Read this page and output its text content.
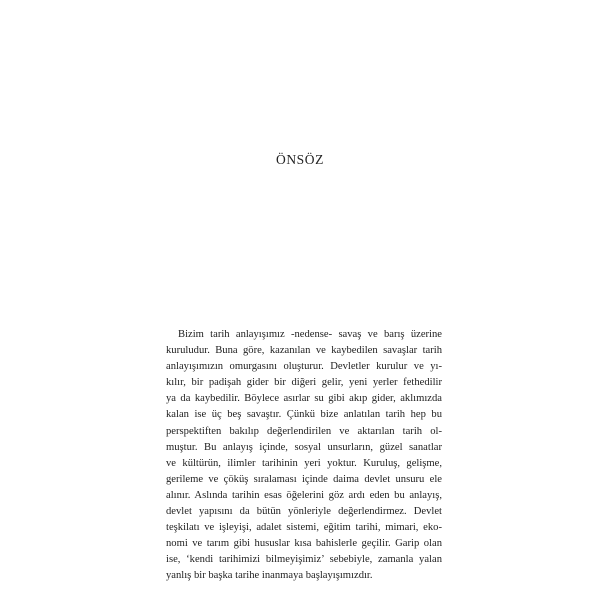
ÖNSÖZ
Bizim tarih anlayışımız -nedense- savaş ve barış üzerine
kuruludur. Buna göre, kazanılan ve kaybedilen savaşlar tarih
anlayışımızın omurgasını oluşturur. Devletler kurulur ve yı-
kılır, bir padişah gider bir diğeri gelir, yeni yerler fethedilir
ya da kaybedilir. Böylece asırlar su gibi akıp gider, aklımızda
kalan ise üç beş savaştır. Çünkü bize anlatılan tarih hep bu
perspektiften bakılıp değerlendirilen ve aktarılan tarih ol-
muştur. Bu anlayış içinde, sosyal unsurların, güzel sanatlar
ve kültürün, ilimler tarihinin yeri yoktur. Kuruluş, gelişme,
gerileme ve çöküş sıralaması içinde daima devlet unsuru ele
alınır. Aslında tarihin esas öğelerini göz ardı eden bu anlayış,
devlet yapısını da bütün yönleriyle değerlendirmez. Devlet
teşkilatı ve işleyişi, adalet sistemi, eğitim tarihi, mimari, eko-
nomi ve tarım gibi hususlar kısa bahislerle geçilir. Garip olan
ise, ‘kendi tarihimizi bilmeyişimiz’ sebebiyle, zamanla yalan
yanlış bir başka tarihe inanmaya başlayışımızdır.
